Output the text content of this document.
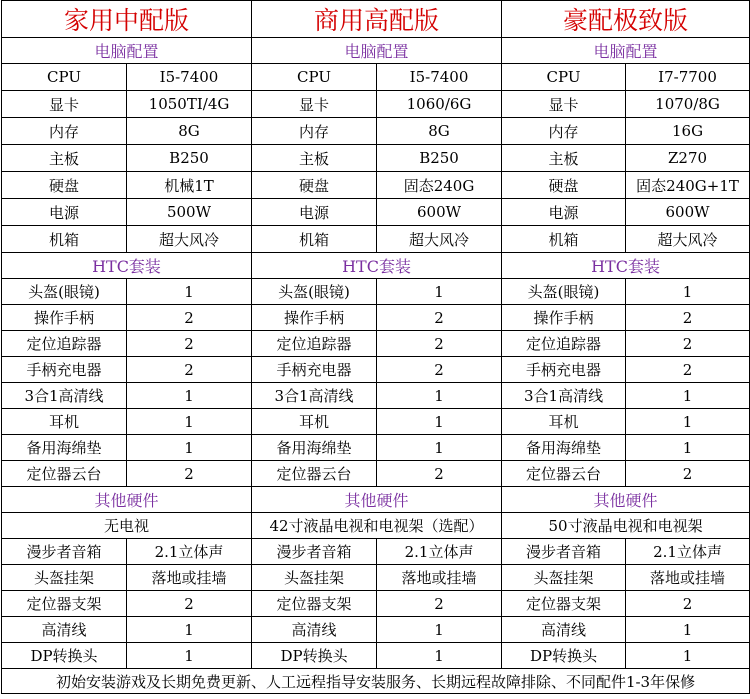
家用中配版		商用高配版		豪配极致版	
电脑配置		电脑配置		电脑配置	
CPU	I5-7400	CPU	I5-7400	CPU	I7-7700
显卡	1050TI/4G	显卡	1060/6G	显卡	1070/8G
内存	8G	内存	8G	内存	16G
主板	B250	主板	B250	主板	Z270
硬盘	机械1T	硬盘	固态240G	硬盘	固态240G+1T
电源	500W	电源	600W	电源	600W
机箱	超大风冷	机箱	超大风冷	机箱	超大风冷
HTC套装		HTC套装		HTC套装	
头盔(眼镜)	1	头盔(眼镜)	1	头盔(眼镜)	1
操作手柄	2	操作手柄	2	操作手柄	2
定位追踪器	2	定位追踪器	2	定位追踪器	2
手柄充电器	2	手柄充电器	2	手柄充电器	2
3合1高清线	1	3合1高清线	1	3合1高清线	1
耳机	1	耳机	1	耳机	1
备用海绵垫	1	备用海绵垫	1	备用海绵垫	1
定位器云台	2	定位器云台	2	定位器云台	2
其他硬件		其他硬件		其他硬件	
无电视		42寸液晶电视和电视架（选配）		50寸液晶电视和电视架	
漫步者音箱	2.1立体声	漫步者音箱	2.1立体声	漫步者音箱	2.1立体声
头盔挂架	落地或挂墙	头盔挂架	落地或挂墙	头盔挂架	落地或挂墙
定位器支架	2	定位器支架	2	定位器支架	2
高清线	1	高清线	1	高清线	1
DP转换头	1	DP转换头	1	DP转换头	1
初始安装游戏及长期免费更新、人工远程指导安装服务、长期远程故障排除、不同配件1-3年保修					
